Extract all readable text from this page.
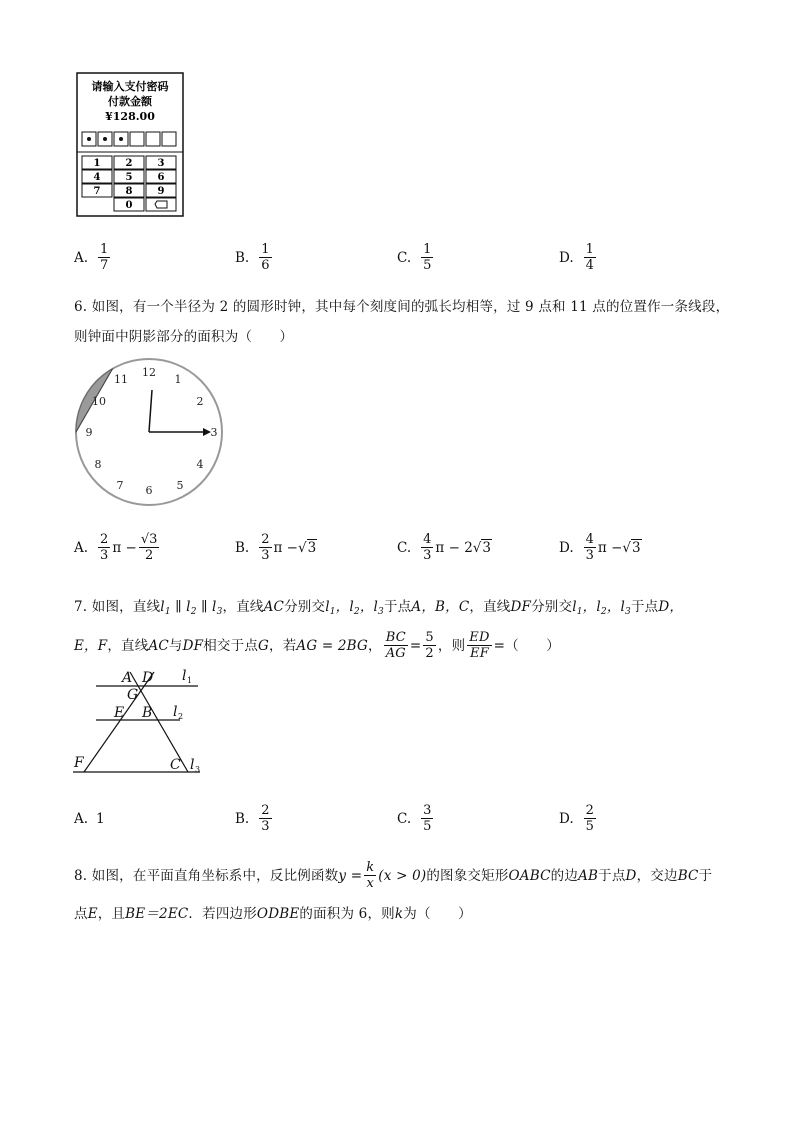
请输入支付密码
付款金额
¥128.00
1	2	3
4	5	6
7	8	9
0
A. $\frac{1}{7}$	B. $\frac{1}{6}$	C. $\frac{1}{5}$	D. $\frac{1}{4}$
6. 如图，有一个半径为 2 的圆形时钟，其中每个刻度间的弧长均相等，过 9 点和 11 点的位置作一条线段，
则钟面中阴影部分的面积为（　　）
12
1
2
3
4
5
6
7
8
9
10
11
A. $\frac{2}{3}$ $\pi - \frac{√3}{2}$	B. $\frac{2}{3}$ π − √3	C. $\frac{4}{3}$ π − 2 √3	D. $\frac{4}{3}$ π − √3
7. 如图，直线$l_1$ ∥ $l_2$ ∥ $l_3$，直线AC分别交$l_1$，$l_2$，$l_3$于点A，B，C，直线DF分别交$l_1$，$l_2$，$l_3$于点D，
E，F ，直线 AC 与 DF 相交于点 G ，若 AG = 2BG ， $\frac{BC}{AG} = \frac{5}{2}$ ，则 $\frac{ED}{EF}$ = （　　）
A D
G
E B
F	C
l
l
l
1
2
3
A. 1	B. $\frac{2}{3}$	C. $\frac{3}{5}$	D. $\frac{2}{5}$
8. 如图，在平面直角坐标系中，反比例函数 $y = \frac{k}{x} (x > 0)$ 的图象交矩形 OABC 的边 AB 于点 D ，交边 BC 于
点E，且BE＝2EC．若四边形ODBE的面积为 6，则k为（　　）
